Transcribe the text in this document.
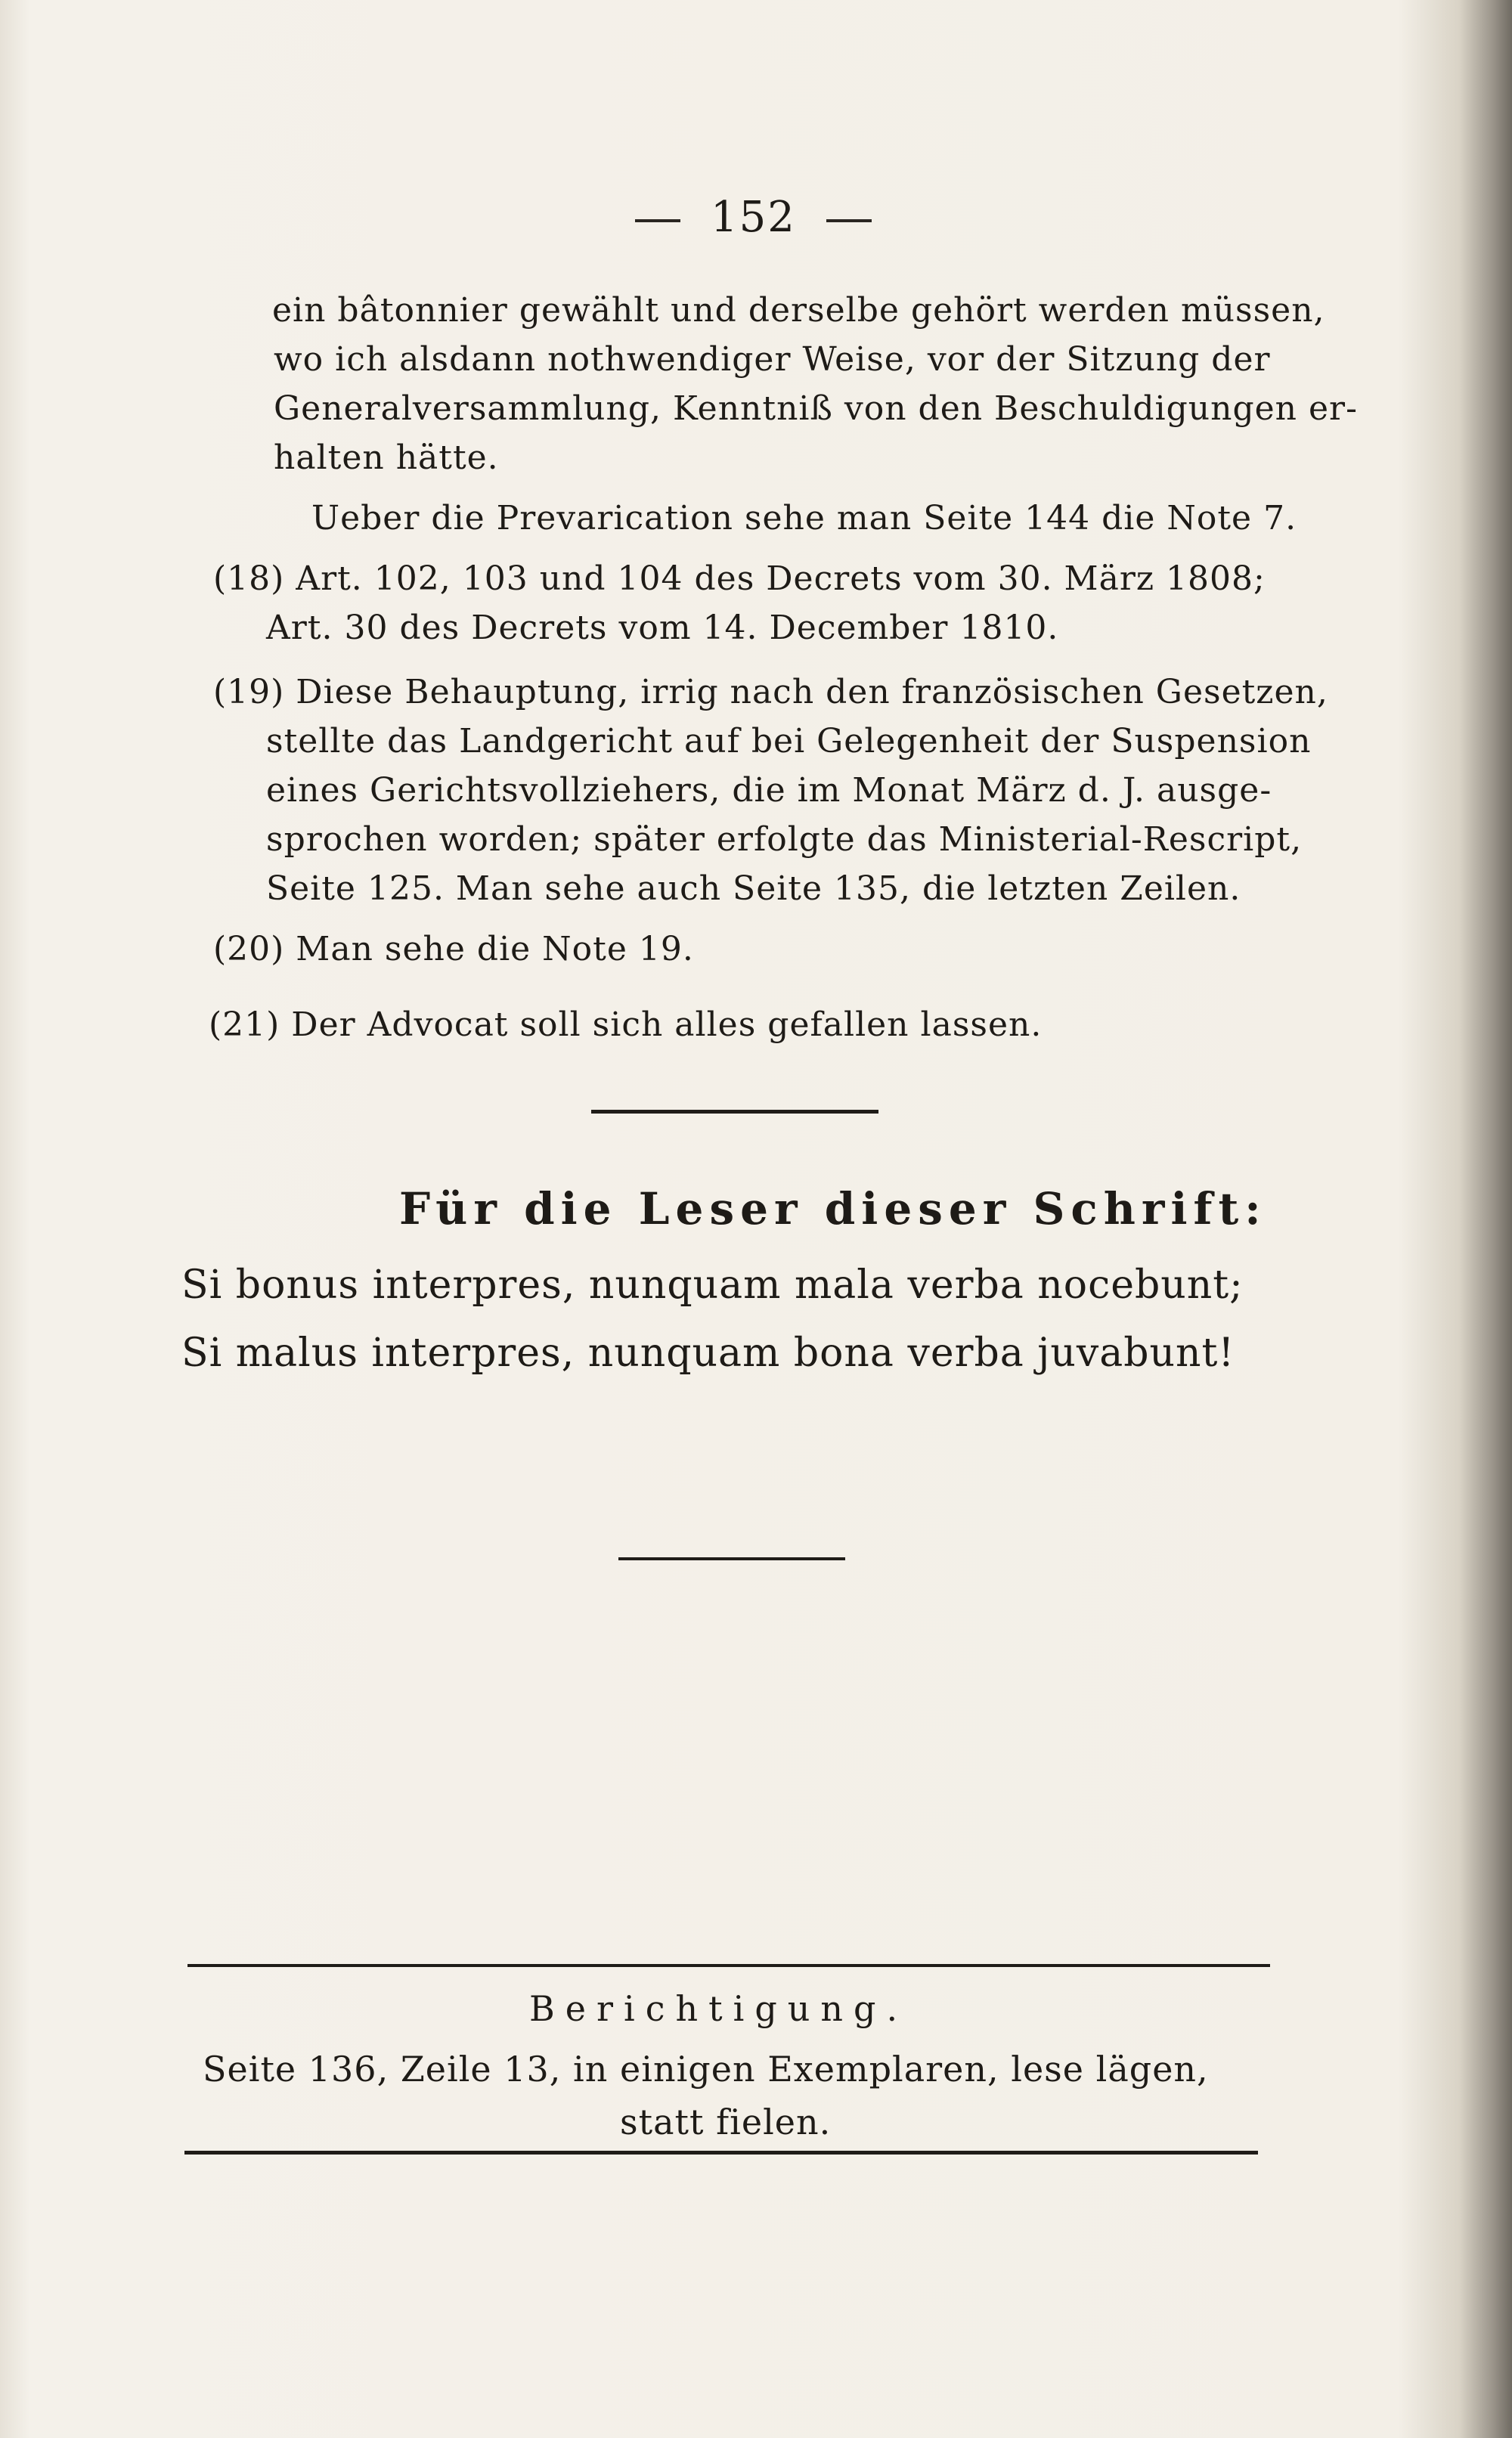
152
ein bâtonnier gewählt und derselbe gehört werden müssen,
wo ich alsdann nothwendiger Weise, vor der Sitzung der
Generalversammlung, Kenntniß von den Beschuldigungen er-
halten hätte.
Ueber die Prevarication sehe man Seite 144 die Note 7.
(18) Art. 102, 103 und 104 des Decrets vom 30. März 1808;
Art. 30 des Decrets vom 14. December 1810.
(19) Diese Behauptung, irrig nach den französischen Gesetzen,
stellte das Landgericht auf bei Gelegenheit der Suspension
eines Gerichtsvollziehers, die im Monat März d. J. ausge-
sprochen worden; später erfolgte das Ministerial-Rescript,
Seite 125. Man sehe auch Seite 135, die letzten Zeilen.
(20) Man sehe die Note 19.
(21) Der Advocat soll sich alles gefallen lassen.
Für die Leser dieser Schrift:
Si bonus interpres, nunquam mala verba nocebunt;
Si malus interpres, nunquam bona verba juvabunt!
Berichtigung.
Seite 136, Zeile 13, in einigen Exemplaren, lese lägen,
statt fielen.
